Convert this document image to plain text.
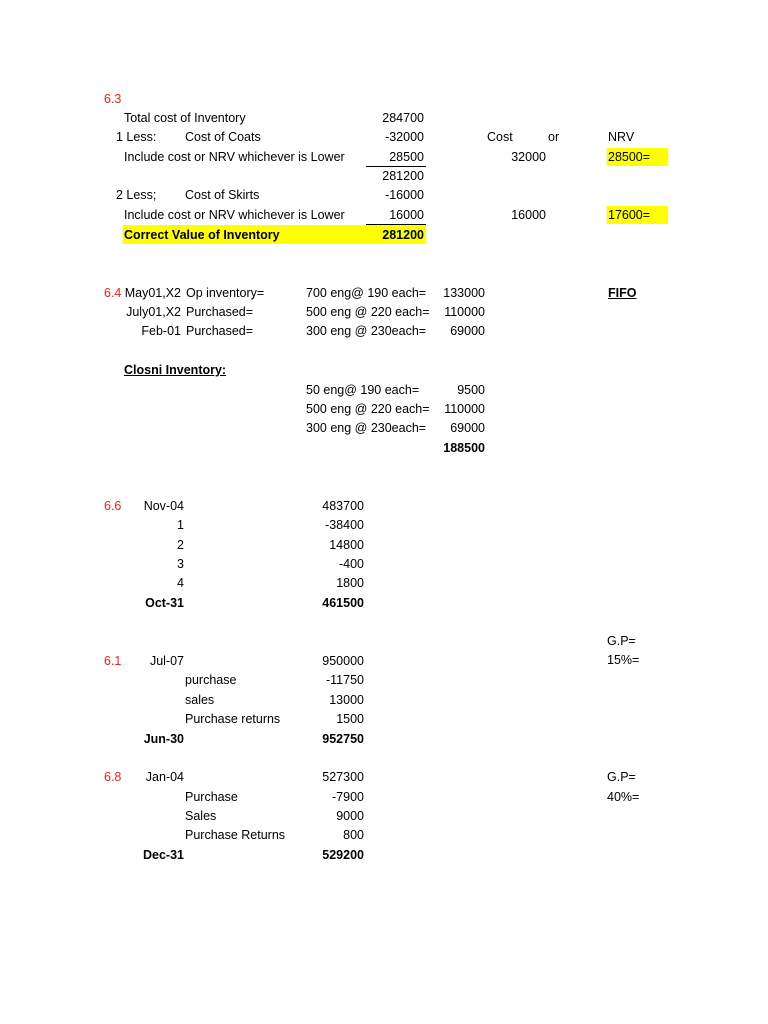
6.3
Total cost of Inventory	284700
1 Less: Cost of Coats	-32000	Cost	or	NRV
Include cost or NRV whichever is Lower	28500	32000	28500=
281200
2 Less; Cost of Skirts	-16000
Include cost or NRV whichever is Lower	16000	16000	17600=
Correct Value of Inventory	281200
6.4	FIFO
May01,X2 Op inventory=	700 eng@ 190 each= 133000
July01,X2 Purchased=	500 eng @ 220 each= 110000
Feb-01 Purchased=	300 eng @ 230each= 69000
Closni Inventory:
50 eng@ 190 each=	9500
500 eng @ 220 each= 110000
300 eng @ 230each= 69000
188500
6.6 Nov-04	483700
1	-38400
2	14800
3	-400
4	1800
Oct-31	461500
G.P=
15%=
6.1 Jul-07	950000
purchase	-11750
sales	13000
Purchase returns	1500
Jun-30	952750
6.8 Jan-04	527300	G.P=
40%=
Purchase	-7900
Sales	9000
Purchase Returns	800
Dec-31	529200
